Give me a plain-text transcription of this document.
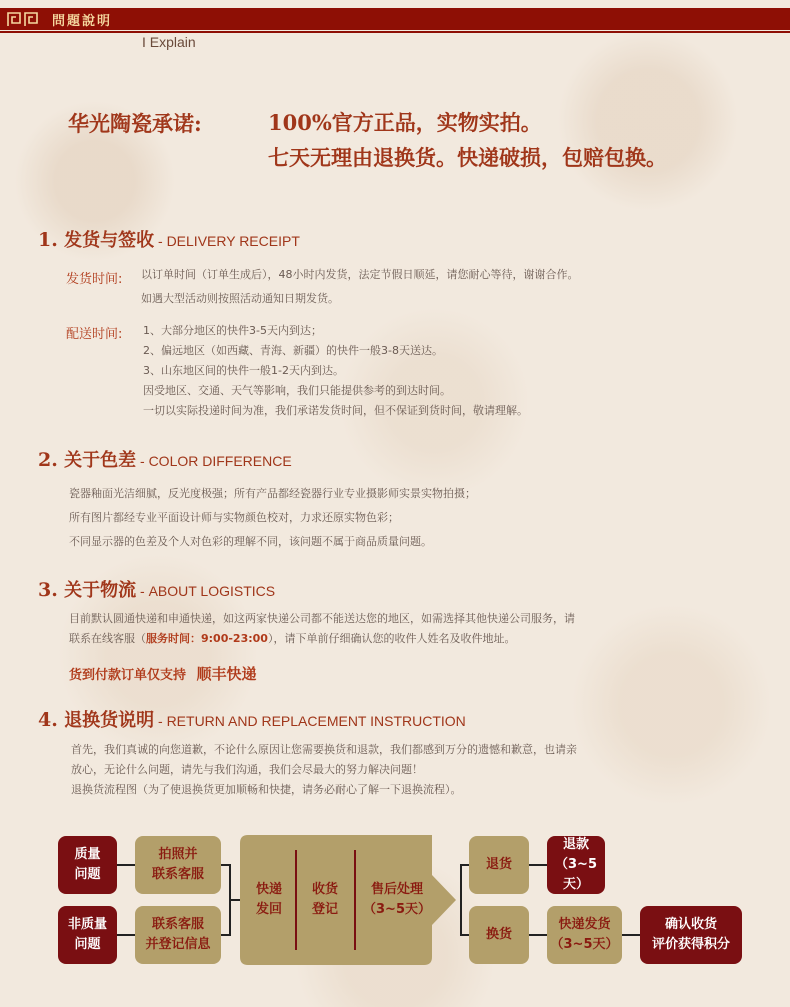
問題說明
I Explain
华光陶瓷承诺:	100%官方正品，实物实拍。
七天无理由退换货。快递破损，包赔包换。
1. 发货与签收 - DELIVERY RECEIPT
发货时间: 以订单时间（订单生成后），48小时内发货，法定节假日顺延，请您耐心等待，谢谢合作。
如遇大型活动则按照活动通知日期发货。
配送时间: 1、大部分地区的快件3-5天内到达；
2、偏远地区（如西藏、青海、新疆）的快件一般3-8天送达。
3、山东地区间的快件一般1-2天内到达。
因受地区、交通、天气等影响，我们只能提供参考的到达时间。
一切以实际投递时间为准，我们承诺发货时间，但不保证到货时间，敬请理解。
2. 关于色差 - COLOR DIFFERENCE
瓷器釉面光洁细腻，反光度极强；所有产品都经瓷器行业专业摄影师实景实物拍摄；
所有图片都经专业平面设计师与实物颜色校对，力求还原实物色彩；
不同显示器的色差及个人对色彩的理解不同，该问题不属于商品质量问题。
3. 关于物流 - ABOUT LOGISTICS
目前默认圆通快递和申通快递，如这两家快递公司都不能送达您的地区，如需选择其他快递公司服务，请
联系在线客服（服务时间：9:00-23:00），请下单前仔细确认您的收件人姓名及收件地址。
货到付款订单仅支持 顺丰快递
4. 退换货说明 - RETURN AND REPLACEMENT INSTRUCTION
首先，我们真诚的向您道歉，不论什么原因让您需要换货和退款，我们都感到万分的遗憾和歉意，也请亲
放心，无论什么问题，请先与我们沟通，我们会尽最大的努力解决问题！
退换货流程图（为了使退换货更加顺畅和快捷，请务必耐心了解一下退换流程）。
质量
问题
非质量
问题
拍照并
联系客服
联系客服
并登记信息
快递
发回
收货
登记
售后处理
（3~5天）
退货
换货
退款
（3~5天）
快递发货
（3~5天）
确认收货
评价获得积分
